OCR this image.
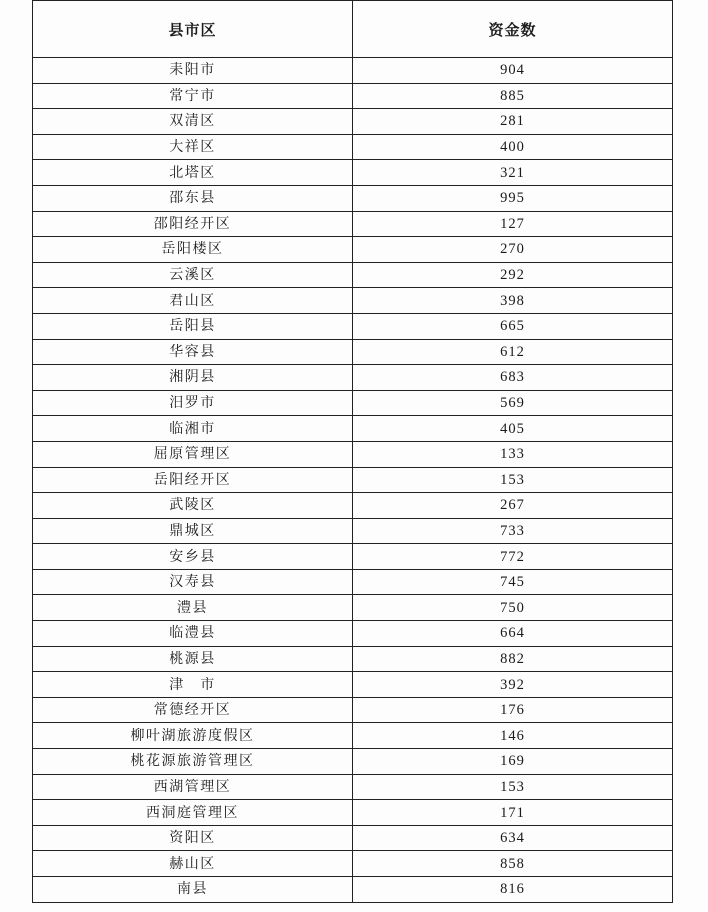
县市区	资金数
耒阳市	904
常宁市	885
双清区	281
大祥区	400
北塔区	321
邵东县	995
邵阳经开区	127
岳阳楼区	270
云溪区	292
君山区	398
岳阳县	665
华容县	612
湘阴县	683
汨罗市	569
临湘市	405
屈原管理区	133
岳阳经开区	153
武陵区	267
鼎城区	733
安乡县	772
汉寿县	745
澧县	750
临澧县	664
桃源县	882
津　市	392
常德经开区	176
柳叶湖旅游度假区	146
桃花源旅游管理区	169
西湖管理区	153
西洞庭管理区	171
资阳区	634
赫山区	858
南县	816
